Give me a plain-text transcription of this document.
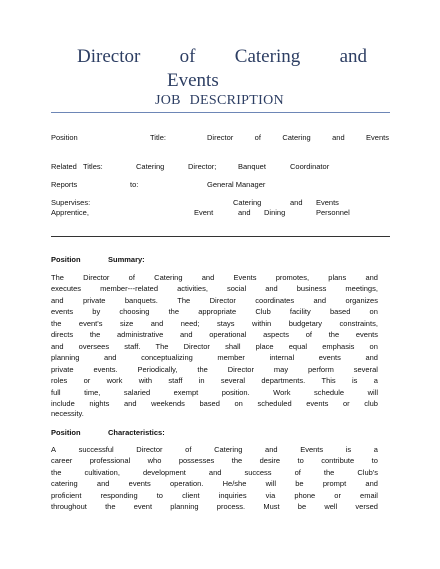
Director of Catering and
Events
JOB DESCRIPTION
Position	Title:	Director	of	Catering	and	Events
Related Titles:	Catering	Director;	Banquet	Coordinator
Reports	to:	General Manager
Supervises:	Catering	and Events
Apprentice,	Event	and Dining	Personnel
Position	Summary:
The	Director	of	Catering	and	Events	promotes,	plans	and
executes	member---related	activities,	social	and	business	meetings,
and	private	banquets.	The	Director	coordinates	and	organizes
events	by	choosing	the	appropriate	Club	facility	based	on
the event's size and need; stays within budgetary constraints,
directs the administrative and operational aspects of the events
and oversees staff. The Director shall place equal emphasis on
planning	and	conceptualizing	member	internal	events	and
private	events.	Periodically,	the	Director	may	perform	several
roles or work with staff in several departments. This is a
full	time,	salaried	exempt	position.	Work	schedule	will
include nights and weekends based on scheduled events or club
necessity.
Position	Characteristics:
A	successful	Director	of	Catering	and	Events	is	a
career professional who possesses the desire to contribute to
the	cultivation,	development	and	success	of	the	Club's
catering	and	events	operation.	He/she	will	be	prompt	and
proficient	responding	to	client	inquiries	via	phone	or	email
throughout the event planning process. Must be well versed
